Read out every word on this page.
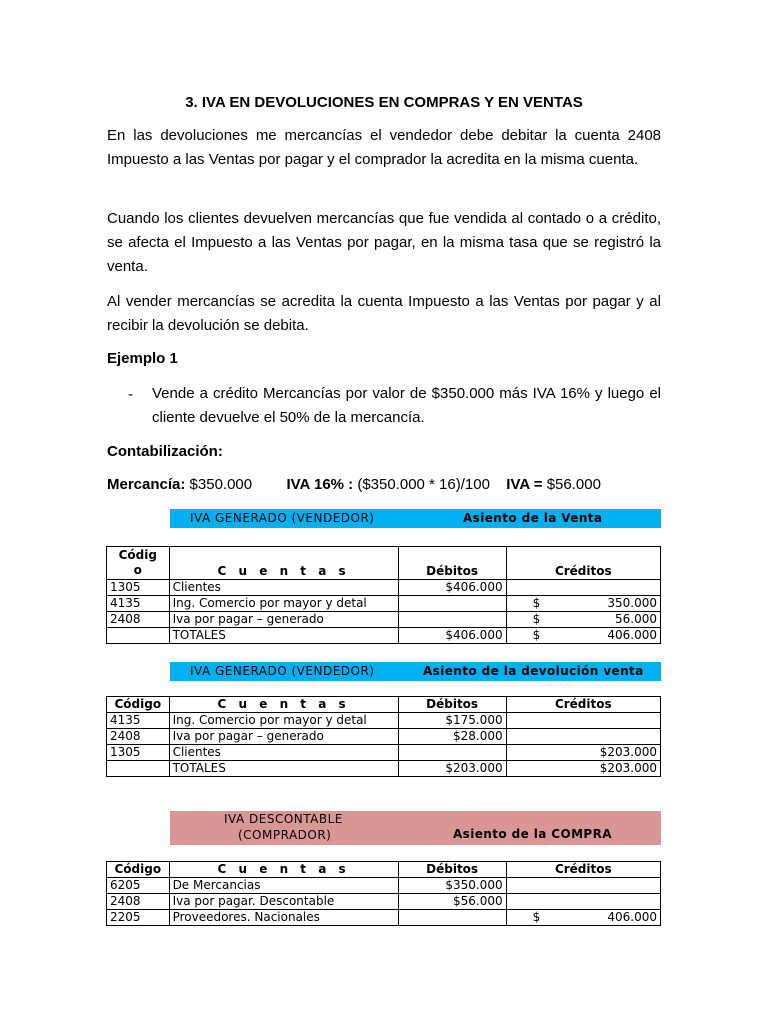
3. IVA EN DEVOLUCIONES EN COMPRAS Y EN VENTAS
En las devoluciones me mercancías el vendedor debe debitar la cuenta 2408 Impuesto a las Ventas por pagar y el comprador la acredita en la misma cuenta.
Cuando los clientes devuelven mercancías que fue vendida al contado o a crédito, se afecta el Impuesto a las Ventas por pagar, en la misma tasa que se registró la venta.
Al vender mercancías se acredita la cuenta Impuesto a las Ventas por pagar y al recibir la devolución se debita.
Ejemplo 1
- Vende a crédito Mercancías por valor de $350.000 más IVA 16% y luego el cliente devuelve el 50% de la mercancía.
Contabilización:
Mercancía: $350.000 IVA 16% : ($350.000 * 16)/100 IVA = $56.000
IVA GENERADO (VENDEDOR)	Asiento de la Venta
Códig
o	C u e n t a s	Débitos	Créditos
1305	Clientes	$406.000	

4135	Ing. Comercio por mayor y detal		$ 350.000
2408	Iva por pagar – generado		$ 56.000
	TOTALES	$406.000	$ 406.000
IVA GENERADO (VENDEDOR)	Asiento de la devolución venta
Código	C u e n t a s	Débitos	Créditos
4135	Ing. Comercio por mayor y detal	$175.000	
2408	Iva por pagar – generado	$28.000	
1305	Clientes		$203.000
	TOTALES	$203.000	$203.000
IVA DESCONTABLE
(COMPRADOR)	Asiento de la COMPRA
Código	C u e n t a s	Débitos	Créditos
6205	De Mercancias	$350.000	

2408	Iva por pagar. Descontable	$56.000	

2205	Proveedores. Nacionales		$ 406.000
